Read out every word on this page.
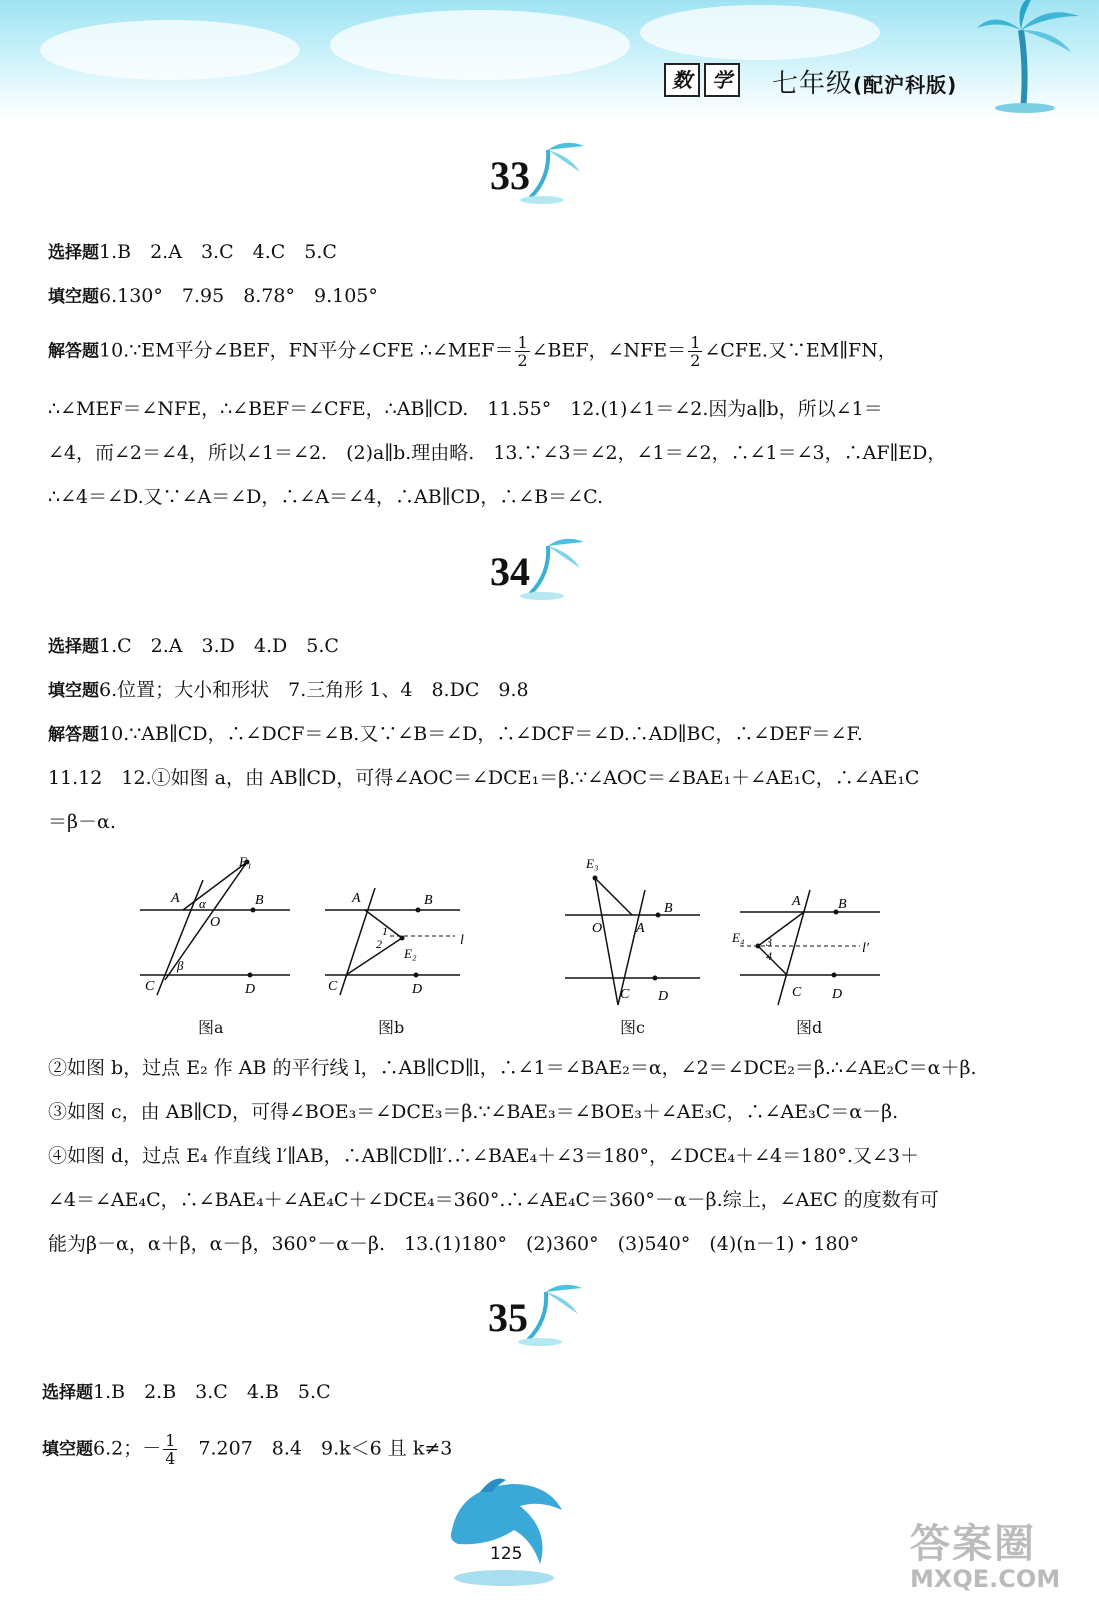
数	学	七年级(配沪科版)
33
选择题1.B　2.A　3.C　4.C　5.C
填空题6.130°　7.95　8.78°　9.105°
解答题10.∵EM平分∠BEF，FN平分∠CFE ∴∠MEF＝ $\frac{1}{2}$ ∠BEF，∠NFE＝ $\frac{1}{2}$ ∠CFE.又∵EM∥FN，
∴∠MEF＝∠NFE，∴∠BEF＝∠CFE，∴AB∥CD.　11.55°　12.(1)∠1＝∠2.因为a∥b，所以∠1＝
∠4，而∠2＝∠4，所以∠1＝∠2.　(2)a∥b.理由略.　13.∵∠3＝∠2，∠1＝∠2，∴∠1＝∠3，∴AF∥ED，
∴∠4＝∠D.又∵∠A＝∠D，∴∠A＝∠4，∴AB∥CD，∴∠B＝∠C.
34
选择题1.C　2.A　3.D　4.D　5.C
填空题6.位置；大小和形状　7.三角形 1、4　8.DC　9.8
解答题10.∵AB∥CD，∴∠DCF＝∠B.又∵∠B＝∠D，∴∠DCF＝∠D.∴AD∥BC，∴∠DEF＝∠F.
11.12　12.①如图 a，由 AB∥CD，可得∠AOC＝∠DCE₁＝β.∵∠AOC＝∠BAE₁＋∠AE₁C，∴∠AE₁C
＝β－α.
A	B
C	D
O
E₁
α
β
图a
A	B
C	D
E₂
l
1
2
图b
E₃
O A
B
C D
图c
A	B
C D
E₄
l′
3
4
图d
②如图 b，过点 E₂ 作 AB 的平行线 l，∴AB∥CD∥l，∴∠1＝∠BAE₂＝α，∠2＝∠DCE₂＝β.∴∠AE₂C＝α＋β.
③如图 c，由 AB∥CD，可得∠BOE₃＝∠DCE₃＝β.∵∠BAE₃＝∠BOE₃＋∠AE₃C，∴∠AE₃C＝α－β.
④如图 d，过点 E₄ 作直线 l′∥AB，∴AB∥CD∥l′.∴∠BAE₄＋∠3＝180°，∠DCE₄＋∠4＝180°.又∠3＋
∠4＝∠AE₄C，∴∠BAE₄＋∠AE₄C＋∠DCE₄＝360°.∴∠AE₄C＝360°－α－β.综上，∠AEC 的度数有可
能为β－α，α＋β，α－β，360°－α－β.　13.(1)180°　(2)360°　(3)540°　(4)(n－1)・180°
35
选择题1.B　2.B　3.C　4.B　5.C
填空题6.2；－ $\frac{1}{4}$ 　7.207　8.4　9.k＜6 且 k≠3
125	答案圈
MXQE.COM
